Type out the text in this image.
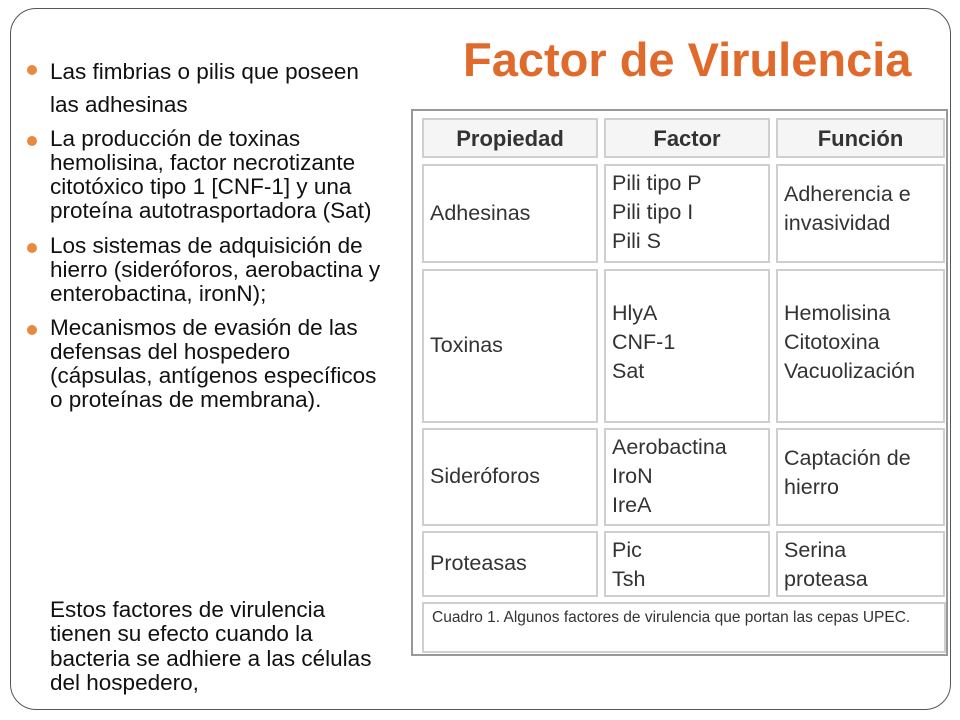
Factor de Virulencia
Las fimbrias o pilis que poseen las adhesinas
La producción de toxinas hemolisina, factor necrotizante citotóxico tipo 1 [CNF-1] y una proteína autotrasportadora (Sat)
Los sistemas de adquisición de hierro (sideróforos, aerobactina y enterobactina, ironN);
Mecanismos de evasión de las defensas del hospedero (cápsulas, antígenos específicos o proteínas de membrana).
Estos factores de virulencia tienen su efecto cuando la bacteria se adhiere a las células del hospedero,
Propiedad	Factor	Función
Adhesinas
Pili tipo P
Pili tipo I
Pili S
Adherencia e
invasividad
Toxinas
HlyA
CNF-1
Sat
Hemolisina
Citotoxina
Vacuolización
Sideróforos
Aerobactina
IroN
IreA
Captación de
hierro
Proteasas
Pic
Tsh
Serina
proteasa
Cuadro 1. Algunos factores de virulencia que portan las cepas UPEC.
